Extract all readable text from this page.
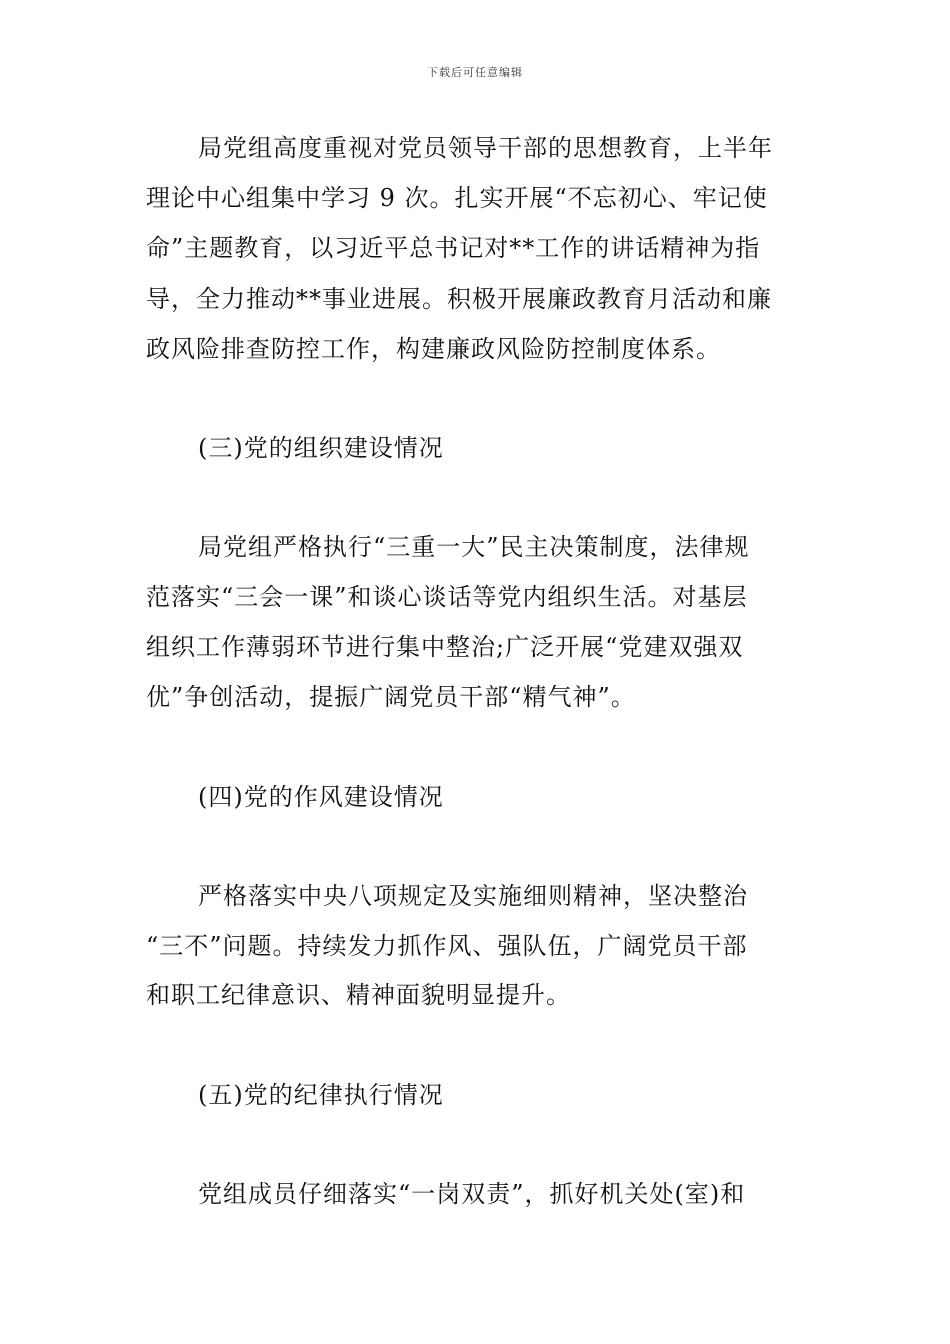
下载后可任意编辑
局党组高度重视对党员领导干部的思想教育，上半年
理论中心组集中学习 9 次。扎实开展“不忘初心、牢记使
命”主题教育，以习近平总书记对**工作的讲话精神为指
导，全力推动**事业进展。积极开展廉政教育月活动和廉
政风险排查防控工作，构建廉政风险防控制度体系。
(三)党的组织建设情况
局党组严格执行“三重一大”民主决策制度，法律规
范落实“三会一课”和谈心谈话等党内组织生活。对基层
组织工作薄弱环节进行集中整治;广泛开展“党建双强双
优”争创活动，提振广阔党员干部“精气神”。
(四)党的作风建设情况
严格落实中央八项规定及实施细则精神，坚决整治
“三不”问题。持续发力抓作风、强队伍，广阔党员干部
和职工纪律意识、精神面貌明显提升。
(五)党的纪律执行情况
党组成员仔细落实“一岗双责”，抓好机关处(室)和
